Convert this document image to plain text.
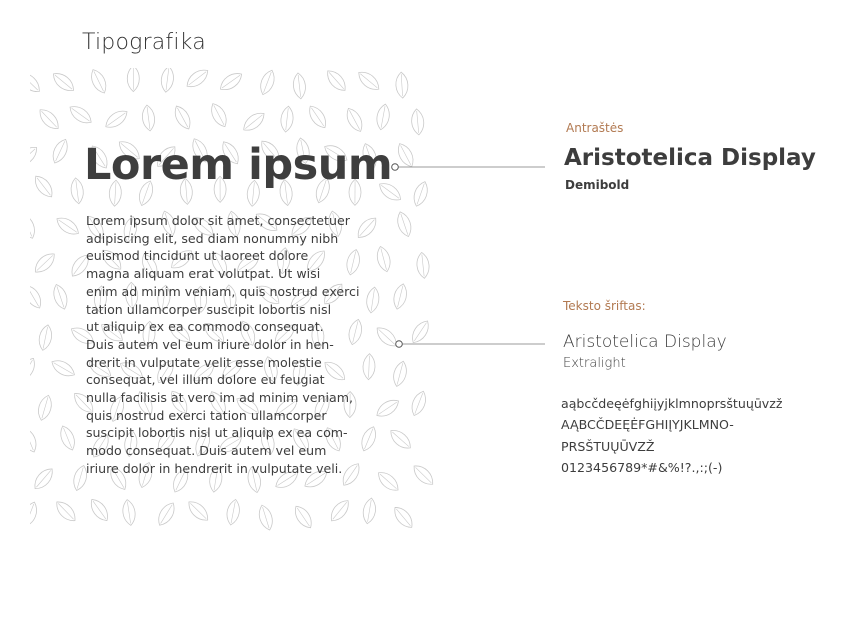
Tipografika
Lorem ipsum
Lorem ipsum dolor sit amet, consectetuer
adipiscing elit, sed diam nonummy nibh
euismod tincidunt ut laoreet dolore
magna aliquam erat volutpat. Ut wisi
enim ad minim veniam, quis nostrud exerci
tation ullamcorper suscipit lobortis nisl
ut aliquip ex ea commodo consequat.
Duis autem vel eum iriure dolor in hen-
drerit in vulputate velit esse molestie
consequat, vel illum dolore eu feugiat
nulla facilisis at vero im ad minim veniam,
quis nostrud exerci tation ullamcorper
suscipit lobortis nisl ut aliquip ex ea com-
modo consequat. Duis autem vel eum
iriure dolor in hendrerit in vulputate veli.
Antraštės
Aristotelica Display
Demibold
Teksto šriftas:
Aristotelica Display
Extralight
aąbcčdeęėfghiįyjklmnoprsštuųūvzž
AĄBCČDEĘĖFGHIĮYJKLMNO-
PRSŠTUŲŪVZŽ
0123456789*#&%!?.,:;(-)
